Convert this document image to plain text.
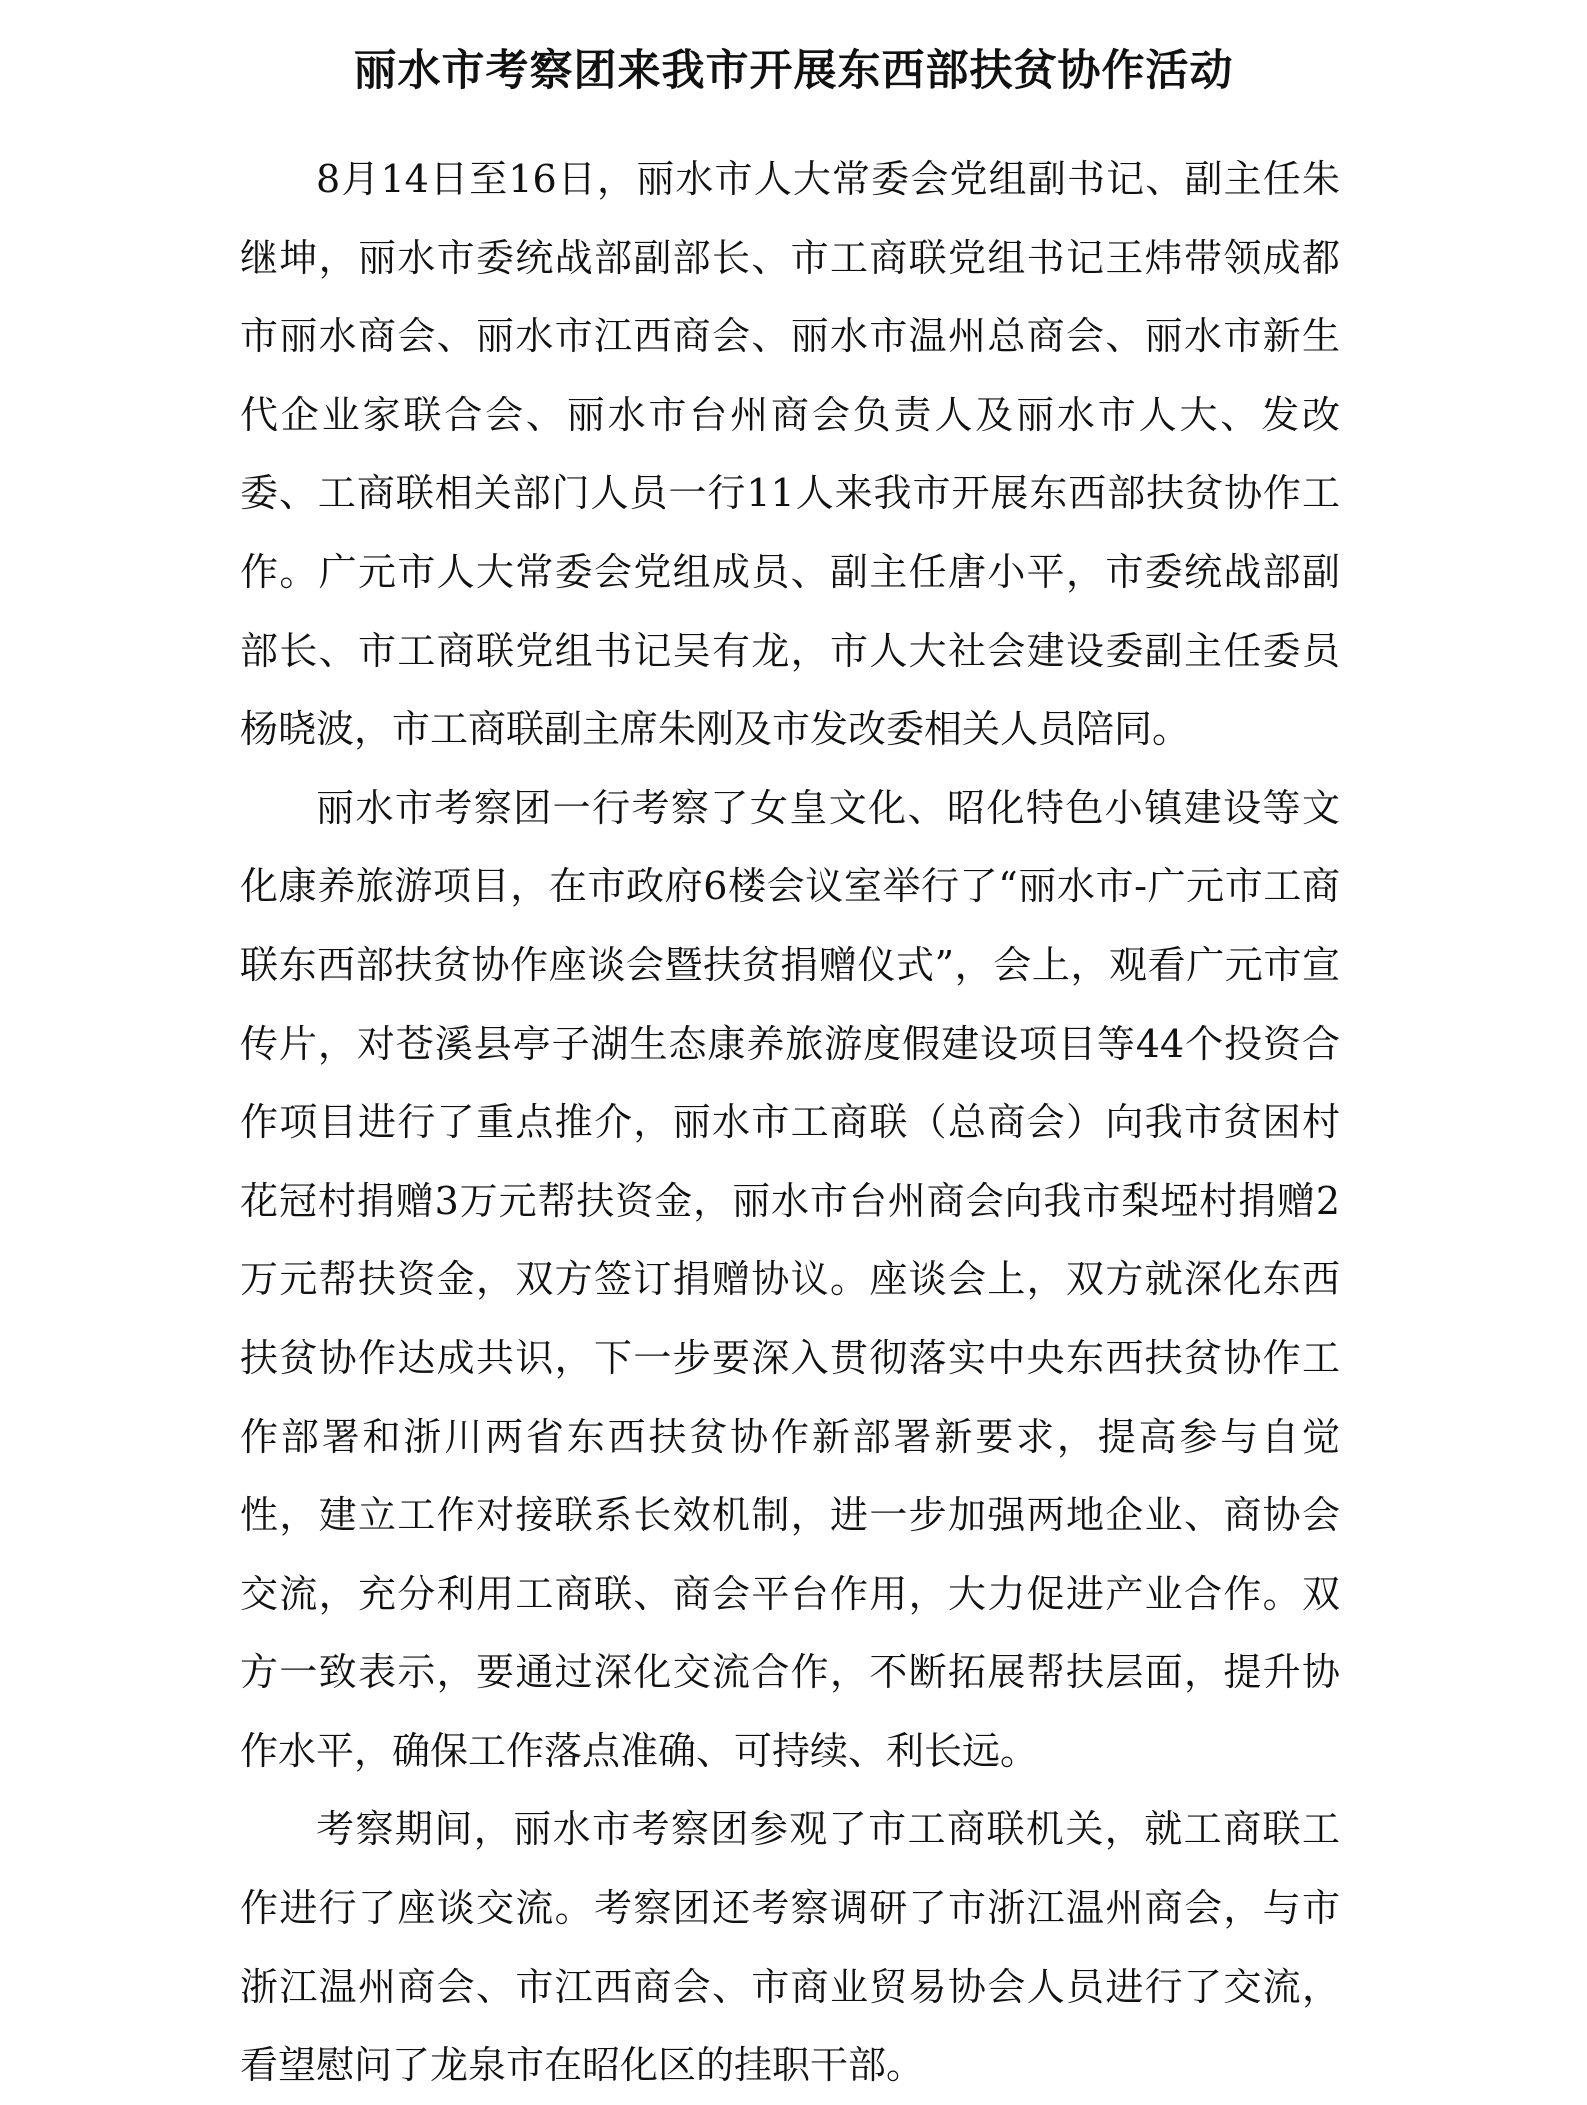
丽水市考察团来我市开展东西部扶贫协作活动

8月14日至16日，丽水市人大常委会党组副书记、副主任朱继坤，丽水市委统战部副部长、市工商联党组书记王炜带领成都市丽水商会、丽水市江西商会、丽水市温州总商会、丽水市新生代企业家联合会、丽水市台州商会负责人及丽水市人大、发改委、工商联相关部门人员一行11人来我市开展东西部扶贫协作工作。广元市人大常委会党组成员、副主任唐小平，市委统战部副部长、市工商联党组书记吴有龙，市人大社会建设委副主任委员杨晓波，市工商联副主席朱刚及市发改委相关人员陪同。

丽水市考察团一行考察了女皇文化、昭化特色小镇建设等文化康养旅游项目，在市政府6楼会议室举行了“丽水市-广元市工商联东西部扶贫协作座谈会暨扶贫捐赠仪式”，会上，观看广元市宣传片，对苍溪县亭子湖生态康养旅游度假建设项目等44个投资合作项目进行了重点推介，丽水市工商联（总商会）向我市贫困村花冠村捐赠3万元帮扶资金，丽水市台州商会向我市梨埡村捐赠2万元帮扶资金，双方签订捐赠协议。座谈会上，双方就深化东西扶贫协作达成共识，下一步要深入贯彻落实中央东西扶贫协作工作部署和浙川两省东西扶贫协作新部署新要求，提高参与自觉性，建立工作对接联系长效机制，进一步加强两地企业、商协会交流，充分利用工商联、商会平台作用，大力促进产业合作。双方一致表示，要通过深化交流合作，不断拓展帮扶层面，提升协作水平，确保工作落点准确、可持续、利长远。

考察期间，丽水市考察团参观了市工商联机关，就工商联工作进行了座谈交流。考察团还考察调研了市浙江温州商会，与市浙江温州商会、市江西商会、市商业贸易协会人员进行了交流，看望慰问了龙泉市在昭化区的挂职干部。
